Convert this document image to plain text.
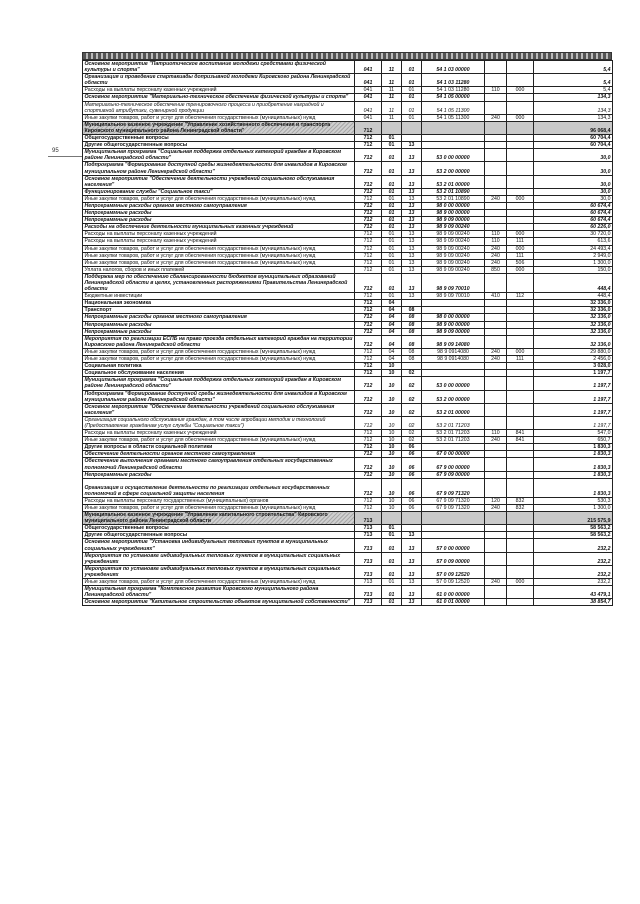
Основное мероприятие "Патриотическое воспитание молодежи средствами физической культуры и спорта"	041	11	01	54 1 03 00000			5,4
Организация и проведение спартакиады допризывной молодежи Кировского района Ленинградской области	041	11	01	54 1 03 11280			5,4
Расходы на выплаты персоналу казенных учреждений	041	11	01	54 1 03 11280	110	000	5,4
Основное мероприятие "Материально-техническое обеспечение физической культуры и спорта"	041	11	01	54 1 05 00000			134,3
Материально-техническое обеспечение тренировочного процесса и приобретение наградной и спортивной атрибутики, сувенирной продукции	041	11	01	54 1 05 11300			134,3
Иные закупки товаров, работ и услуг для обеспечения государственных (муниципальных) нужд	041	11	01	54 1 05 11300	240	000	134,3
Муниципальное казенное учреждение "Управление хозяйственного обеспечения и транспорта Кировского муниципального района Ленинградской области"	712						96 068,4
Общегосударственные вопросы	712	01					60 704,4
Другие общегосударственные вопросы	712	01	13				60 704,4
Муниципальная программа "Социальная поддержка отдельных категорий граждан в Кировском районе Ленинградской области"	712	01	13	53 0 00 00000			30,0
Подпрограмма "Формирование доступной среды жизнедеятельности для инвалидов в Кировском муниципальном районе Ленинградской области"	712	01	13	53 2 00 00000			30,0
Основное мероприятие "Обеспечение деятельности учреждений социального обслуживания населения"	712	01	13	53 2 01 00000			30,0
Функционирование службы "Социальное такси"	712	01	13	53 2 01 10890			30,0
Иные закупки товаров, работ и услуг для обеспечения государственных (муниципальных) нужд	712	01	13	53 2 01 10890	240	000	30,0
Непрограммные расходы органов местного самоуправления	712	01	13	98 0 00 00000			60 674,4
Непрограммные расходы	712	01	13	98 9 00 00000			60 674,4
Непрограммные расходы	712	01	13	98 9 09 00000			60 674,4
Расходы на обеспечение деятельности муниципальных казенных учреждений	712	01	13	98 9 09 00240			60 226,0
Расходы на выплаты персоналу казенных учреждений	712	01	13	98 9 09 00240	110	000	30 720,0
Расходы на выплаты персоналу казенных учреждений	712	01	13	98 9 09 00240	110	111	613,6
Иные закупки товаров, работ и услуг для обеспечения государственных (муниципальных) нужд	712	01	13	98 9 09 00240	240	000	24 493,4
Иные закупки товаров, работ и услуг для обеспечения государственных (муниципальных) нужд	712	01	13	98 9 09 00240	240	111	2 949,0
Иные закупки товаров, работ и услуг для обеспечения государственных (муниципальных) нужд	712	01	13	98 9 09 00240	240	506	1 300,0
Уплата налогов, сборов и иных платежей	712	01	13	98 9 09 00240	850	000	150,0
Поддержка мер по обеспечению сбалансированности бюджетов муниципальных образований Ленинградской области в целях, установленных распоряжениями Правительства Ленинградской области	712	01	13	98 9 09 70010			448,4
Бюджетные инвестиции	712	01	13	98 9 09 70010	410	112	448,4
Национальная экономика	712	04					32 336,0
Транспорт	712	04	08				32 336,0
Непрограммные расходы органов местного самоуправления	712	04	08	98 0 00 00000			32 336,0
Непрограммные расходы	712	04	08	98 9 00 00000			32 336,0
Непрограммные расходы	712	04	08	98 9 09 00000			32 336,0
Мероприятия по реализации ЕСПБ на право проезда отдельных категорий граждан на территории Кировского района Ленинградской области	712	04	08	98 9 09 14080			32 336,0
Иные закупки товаров, работ и услуг для обеспечения государственных (муниципальных) нужд	712	04	08	98 9 0914080	240	000	29 880,0
Иные закупки товаров, работ и услуг для обеспечения государственных (муниципальных) нужд	712	04	08	98 9 0914080	240	111	2 456,0
Социальная политика	712	10					3 028,0
Социальное обслуживание населения	712	10	02				1 197,7
Муниципальная программа "Социальная поддержка отдельных категорий граждан в Кировском районе Ленинградской области"	712	10	02	53 0 00 00000			1 197,7
Подпрограмма "Формирование доступной среды жизнедеятельности для инвалидов в Кировском муниципальном районе Ленинградской области"	712	10	02	53 2 00 00000			1 197,7
Основное мероприятие "Обеспечение деятельности учреждений социального обслуживания населения"	712	10	02	53 2 01 00000			1 197,7
Организация социального обслуживания граждан, в том числе апробации методик и технологий (Предоставление гражданам услуг службы "Социальное такси")	712	10	02	53 2 01 71203			1 197,7
Расходы на выплаты персоналу казенных учреждений	712	10	02	53 2 01 71203	110	841	547,0
Иные закупки товаров, работ и услуг для обеспечения государственных (муниципальных) нужд	712	10	02	53 2 01 71203	240	841	650,7
Другие вопросы в области социальной политики	712	10	06				1 830,3
Обеспечение деятельности органов местного самоуправления	712	10	06	67 0 00 00000			1 830,3
Обеспечение выполнения органами местного самоуправления отдельных государственных полномочий Ленинградской области	712	10	06	67 9 00 00000			1 830,3
Непрограммные расходы	712	10	06	67 9 09 00000			1 830,3
Организация и осуществление деятельности по реализации отдельных государственных полномочий в сфере социальной защиты населения	712	10	06	67 9 09 71320			1 830,3
Расходы на выплаты персоналу государственных (муниципальных) органов	712	10	06	67 9 09 71320	120	832	530,3
Иные закупки товаров, работ и услуг для обеспечения государственных (муниципальных) нужд	712	10	06	67 9 09 71320	240	832	1 300,0
Муниципальное казенное учреждение "Управление капитального строительства" Кировского муниципального района Ленинградской области	713						215 575,9
Общегосударственные вопросы	713	01					58 563,2
Другие общегосударственные вопросы	713	01	13				58 563,2
Основное мероприятие "Установка индивидуальных тепловых пунктов в муниципальных социальных учреждениях"	713	01	13	57 0 00 00000			232,2
Мероприятия по установке индивидуальных тепловых пунктов в муниципальных социальных учреждениях	713	01	13	57 0 09 00000			232,2
Мероприятия по установке индивидуальных тепловых пунктов в муниципальных социальных учреждениях	713	01	13	57 0 09 12520			232,2
Иные закупки товаров, работ и услуг для обеспечения государственных (муниципальных) нужд	713	01	13	57 0 09 12520	240	000	232,2
Муниципальная программа "Комплексное развитие Кировского муниципального района Ленинградской области"	713	01	13	61 0 00 00000			43 479,1
Основное мероприятие "Капитальное строительство объектов муниципальной собственности"	713	01	13	61 0 01 00000			38 854,7
95
